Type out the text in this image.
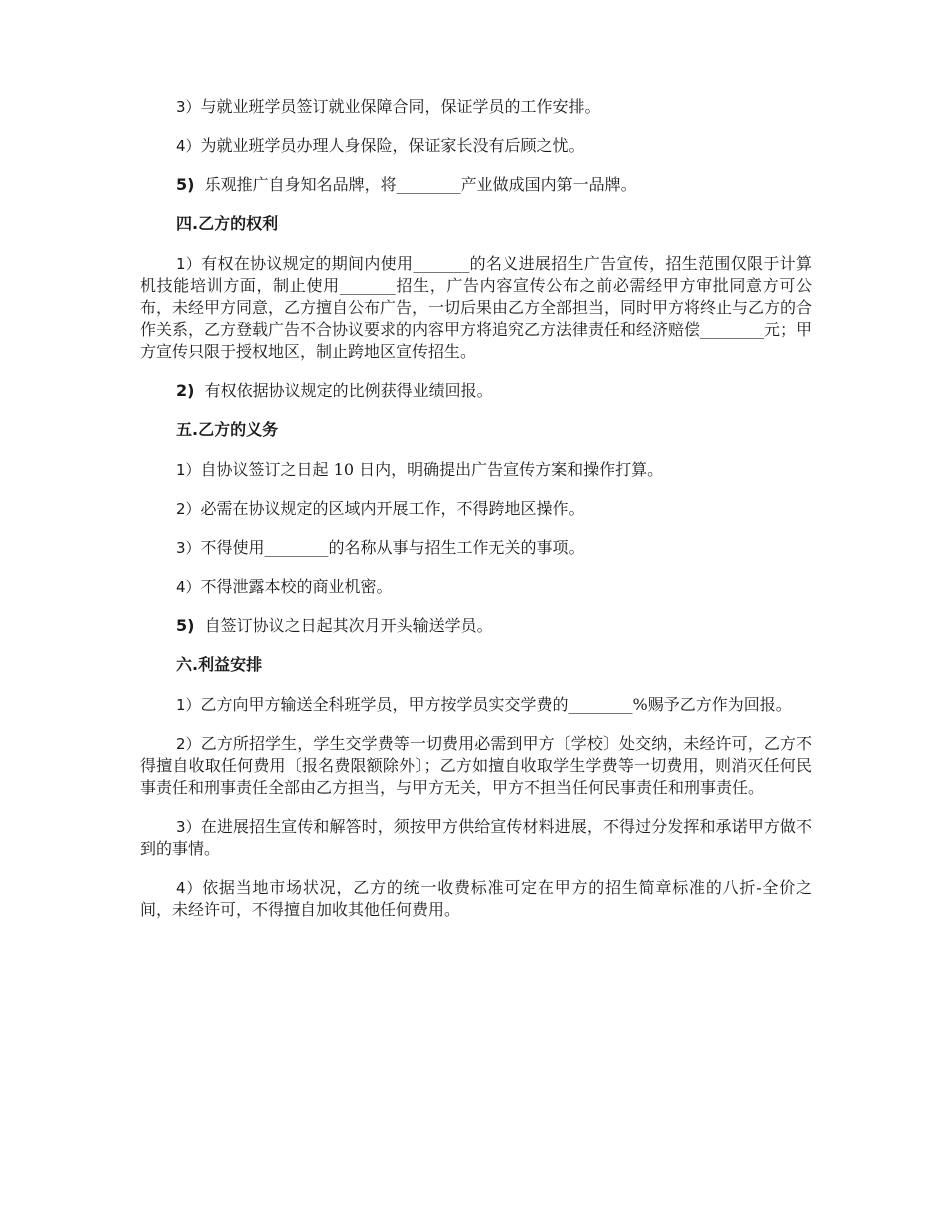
3）与就业班学员签订就业保障合同，保证学员的工作安排。

4）为就业班学员办理人身保险，保证家长没有后顾之忧。

5) 乐观推广自身知名品牌，将________产业做成国内第一品牌。

四.乙方的权利

1）有权在协议规定的期间内使用_______的名义进展招生广告宣传，招生范围仅限于计算机技能培训方面，制止使用_______招生，广告内容宣传公布之前必需经甲方审批同意方可公布，未经甲方同意，乙方擅自公布广告，一切后果由乙方全部担当，同时甲方将终止与乙方的合作关系，乙方登载广告不合协议要求的内容甲方将追究乙方法律责任和经济赔偿________元；甲方宣传只限于授权地区，制止跨地区宣传招生。

2) 有权依据协议规定的比例获得业绩回报。

五.乙方的义务

1）自协议签订之日起 10 日内，明确提出广告宣传方案和操作打算。

2）必需在协议规定的区域内开展工作，不得跨地区操作。

3）不得使用________的名称从事与招生工作无关的事项。

4）不得泄露本校的商业机密。

5) 自签订协议之日起其次月开头输送学员。

六.利益安排

1）乙方向甲方输送全科班学员，甲方按学员实交学费的________%赐予乙方作为回报。

2）乙方所招学生，学生交学费等一切费用必需到甲方〔学校〕处交纳，未经许可，乙方不得擅自收取任何费用〔报名费限额除外〕；乙方如擅自收取学生学费等一切费用，则消灭任何民事责任和刑事责任全部由乙方担当，与甲方无关，甲方不担当任何民事责任和刑事责任。

3）在进展招生宣传和解答时，须按甲方供给宣传材料进展，不得过分发挥和承诺甲方做不到的事情。

4）依据当地市场状况，乙方的统一收费标准可定在甲方的招生简章标准的八折-全价之间，未经许可，不得擅自加收其他任何费用。
